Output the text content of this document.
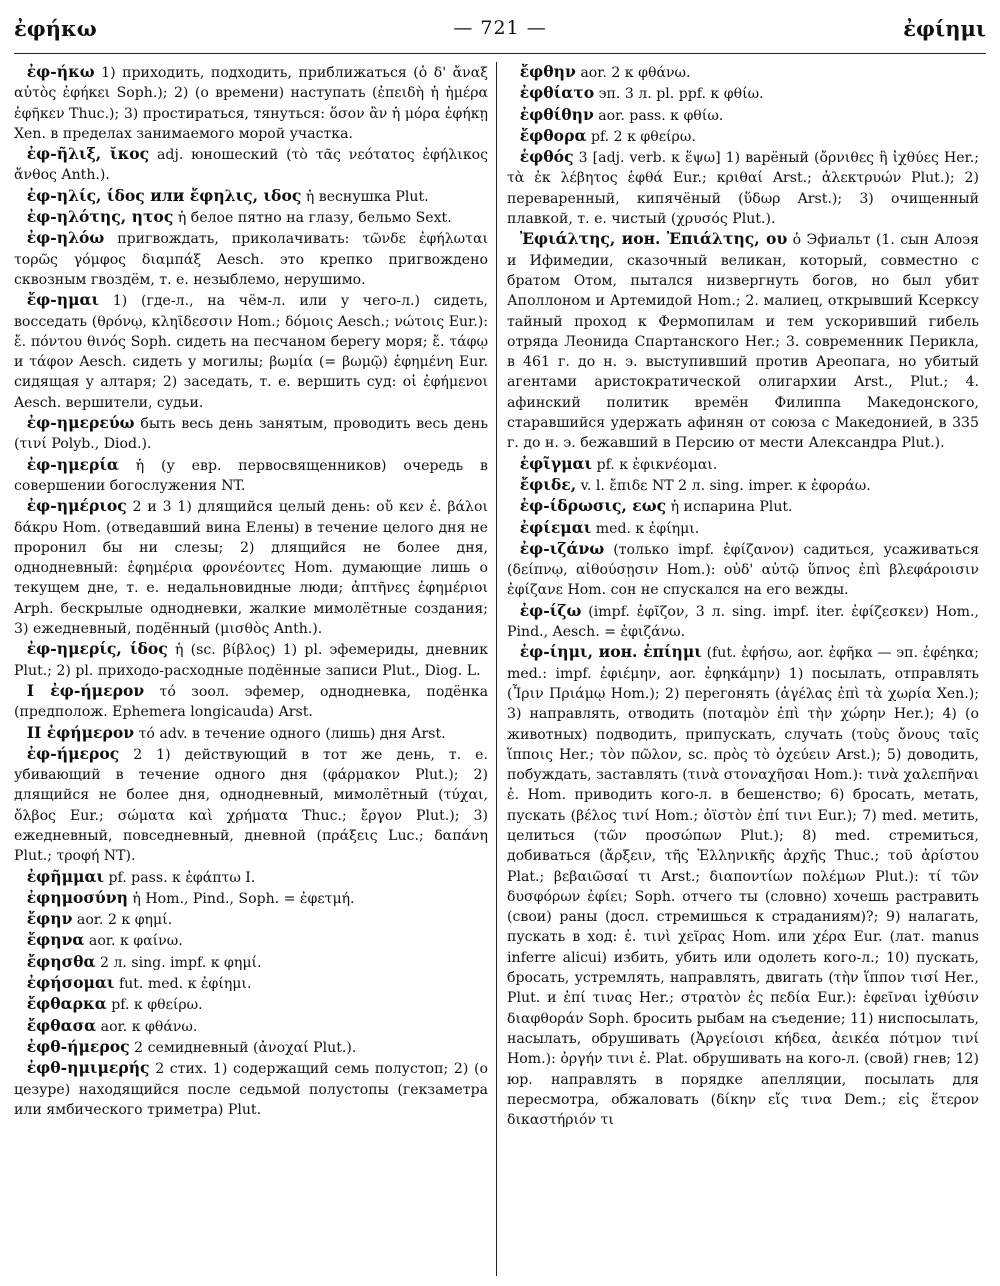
ἐφήκω	— 721 —	ἐφίημι

ἐφ-ήκω 1) приходить, подходить, приближаться (ὁ δ' ἄναξ αὐτὸς ἐφήκει Soph.); 2) (о времени) наступать (ἐπειδὴ ἡ ἡμέρα ἐφῆκεν Thuc.); 3) простираться, тянуться: ὅσον ἂν ἡ μόρα ἐφήκῃ Xen. в пределах занимаемого морой участка.

ἐφ-ῆλιξ, ῐκος adj. юношеский (τὸ τᾶς νεότατος ἐφήλικος ἄνθος Anth.).

ἐφ-ηλίς, ίδος или ἔφηλις, ιδος ἡ веснушка Plut.

ἐφ-ηλότης, ητος ἡ белое пятно на глазу, бельмо Sext.

ἐφ-ηλόω пригвождать, приколачивать: τῶνδε ἐφήλωται τορῶς γόμφος διαμπάξ Aesch. это крепко пригвождено сквозным гвоздём, т. е. незыблемо, нерушимо.

ἔφ-ημαι 1) (где-л., на чём-л. или у чего-л.) сидеть, восседать (θρόνῳ, κληῖδεσσιν Hom.; δόμοις Aesch.; νώτοις Eur.): ἔ. πόντου θινός Soph. сидеть на песчаном берегу моря; ἔ. τάφῳ и τάφον Aesch. сидеть у могилы; βωμία (= βωμῷ) ἐφημένη Eur. сидящая у алтаря; 2) заседать, т. е. вершить суд: οἱ ἐφήμενοι Aesch. вершители, судьи.

ἐφ-ημερεύω быть весь день занятым, проводить весь день (τινί Polyb., Diod.).

ἐφ-ημερία ἡ (у евр. первосвященников) очередь в совершении богослужения NT.

ἐφ-ημέριος 2 и 3 1) длящийся целый день: οὔ κεν ἐ. βάλοι δάκρυ Hom. (отведавший вина Елены) в течение целого дня не проронил бы ни слезы; 2) длящийся не более дня, однодневный: ἐφημέρια φρονέοντες Hom. думающие лишь о текущем дне, т. е. недальновидные люди; ἀπτῆνες ἐφημέριοι Arph. бескрылые однодневки, жалкие мимолётные создания; 3) ежедневный, подённый (μισθὸς Anth.).

ἐφ-ημερίς, ίδος ἡ (sc. βίβλος) 1) pl. эфемериды, дневник Plut.; 2) pl. приходо-расходные подённые записи Plut., Diog. L.

I ἐφ-ήμερον τό зоол. эфемер, однодневка, подёнка (предполож. Ephemera longicauda) Arst.

II ἐφήμερον τό adv. в течение одного (лишь) дня Arst.

ἐφ-ήμερος 2 1) действующий в тот же день, т. е. убивающий в течение одного дня (φάρμακον Plut.); 2) длящийся не более дня, однодневный, мимолётный (τύχαι, ὄλβος Eur.; σώματα καὶ χρήματα Thuc.; ἔργον Plut.); 3) ежедневный, повседневный, дневной (πράξεις Luc.; δαπάνη Plut.; τροφή NT).

ἐφῆμμαι pf. pass. к ἐφάπτω I.

ἐφημοσύνη ἡ Hom., Pind., Soph. = ἐφετμή.

ἔφην aor. 2 к φημί.

ἔφηνα aor. к φαίνω.

ἔφησθα 2 л. sing. impf. к φημί.

ἐφήσομαι fut. med. к ἐφίημι.

ἔφθαρκα pf. к φθείρω.

ἔφθασα aor. к φθάνω.

ἐφθ-ήμερος 2 семидневный (ἀνοχαί Plut.).

ἐφθ-ημιμερής 2 стих. 1) содержащий семь полустоп; 2) (о цезуре) находящийся после седьмой полустопы (гекзаметра или ямбического триметра) Plut.

ἔφθην aor. 2 к φθάνω.

ἐφθίατο эп. 3 л. pl. ppf. к φθίω.

ἐφθίθην aor. pass. к φθίω.

ἔφθορα pf. 2 к φθείρω.

ἑφθός 3 [adj. verb. к ἕψω] 1) варёный (ὄρνιθες ἢ ἰχθύες Her.; τὰ ἐκ λέβητος ἑφθά Eur.; κριθαί Arst.; ἀλεκτρυών Plut.); 2) переваренный, кипячёный (ὕδωρ Arst.); 3) очищенный плавкой, т. е. чистый (χρυσός Plut.).

Ἐφιάλτης, ион. Ἐπιάλτης, ου ὁ Эфиальт (1. сын Алоэя и Ифимедии, сказочный великан, который, совместно с братом Отом, пытался низвергнуть богов, но был убит Аполлоном и Артемидой Hom.; 2. малиец, открывший Ксерксу тайный проход к Фермопилам и тем ускоривший гибель отряда Леонида Спартанского Her.; 3. современник Перикла, в 461 г. до н. э. выступивший против Ареопага, но убитый агентами аристократической олигархии Arst., Plut.; 4. афинский политик времён Филиппа Македонского, старавшийся удержать афинян от союза с Македонией, в 335 г. до н. э. бежавший в Персию от мести Александра Plut.).

ἐφῖγμαι pf. к ἐφικνέομαι.

ἔφιδε, v. l. ἔπιδε NT 2 л. sing. imper. к ἐφοράω.

ἐφ-ίδρωσις, εως ἡ испарина Plut.

ἐφίεμαι med. к ἐφίημι.

ἐφ-ιζάνω (только impf. ἐφίζανον) садиться, усаживаться (δείπνῳ, αἰθούσῃσιν Hom.): οὐδ' αὐτῷ ὕπνος ἐπὶ βλεφάροισιν ἐφίζανε Hom. сон не спускался на его вежды.

ἐφ-ίζω (impf. ἐφῖζον, 3 л. sing. impf. iter. ἐφίζεσκεν) Hom., Pind., Aesch. = ἐφιζάνω.

ἐφ-ίημι, ион. ἐπίημι (fut. ἐφήσω, aor. ἐφῆκα — эп. ἐφέηκα; med.: impf. ἐφιέμην, aor. ἐφηκάμην) 1) посылать, отправлять (Ἶριν Πριάμῳ Hom.); 2) перегонять (ἀγέλας ἐπὶ τὰ χωρία Xen.); 3) направлять, отводить (ποταμὸν ἐπὶ τὴν χώρην Her.); 4) (о животных) подводить, припускать, случать (τοὺς ὄνους ταῖς ἵπποις Her.; τὸν πῶλον, sc. πρὸς τὸ ὀχεύειν Arst.); 5) доводить, побуждать, заставлять (τινὰ στοναχῆσαι Hom.): τινὰ χαλεπῆναι ἐ. Hom. приводить кого-л. в бешенство; 6) бросать, метать, пускать (βέλος τινί Hom.; ὀϊστὸν ἐπί τινι Eur.); 7) med. метить, целиться (τῶν προσώπων Plut.); 8) med. стремиться, добиваться (ἄρξειν, τῆς Ἑλληνικῆς ἀρχῆς Thuc.; τοῦ ἀρίστου Plat.; βεβαιῶσαί τι Arst.; διαποντίων πολέμων Plut.): τί τῶν δυσφόρων ἐφίει; Soph. отчего ты (словно) хочешь растравить (свои) раны (досл. стремишься к страданиям)?; 9) налагать, пускать в ход: ἐ. τινὶ χεῖρας Hom. или χέρα Eur. (лат. manus inferre alicui) избить, убить или одолеть кого-л.; 10) пускать, бросать, устремлять, направлять, двигать (τὴν ἵππον τισί Her., Plut. и ἐπί τινας Her.; στρατὸν ἐς πεδία Eur.): ἐφεῖναι ἰχθύσιν διαφθοράν Soph. бросить рыбам на съедение; 11) ниспосылать, насылать, обрушивать (Ἀργείοισι κήδεα, ἀεικέα πότμον τινί Hom.): ὀργήν τινι ἐ. Plat. обрушивать на кого-л. (свой) гнев; 12) юр. направлять в порядке апелляции, посылать для пересмотра, обжаловать (δίκην εἴς τινα Dem.; εἰς ἕτερον δικαστήριόν τι
